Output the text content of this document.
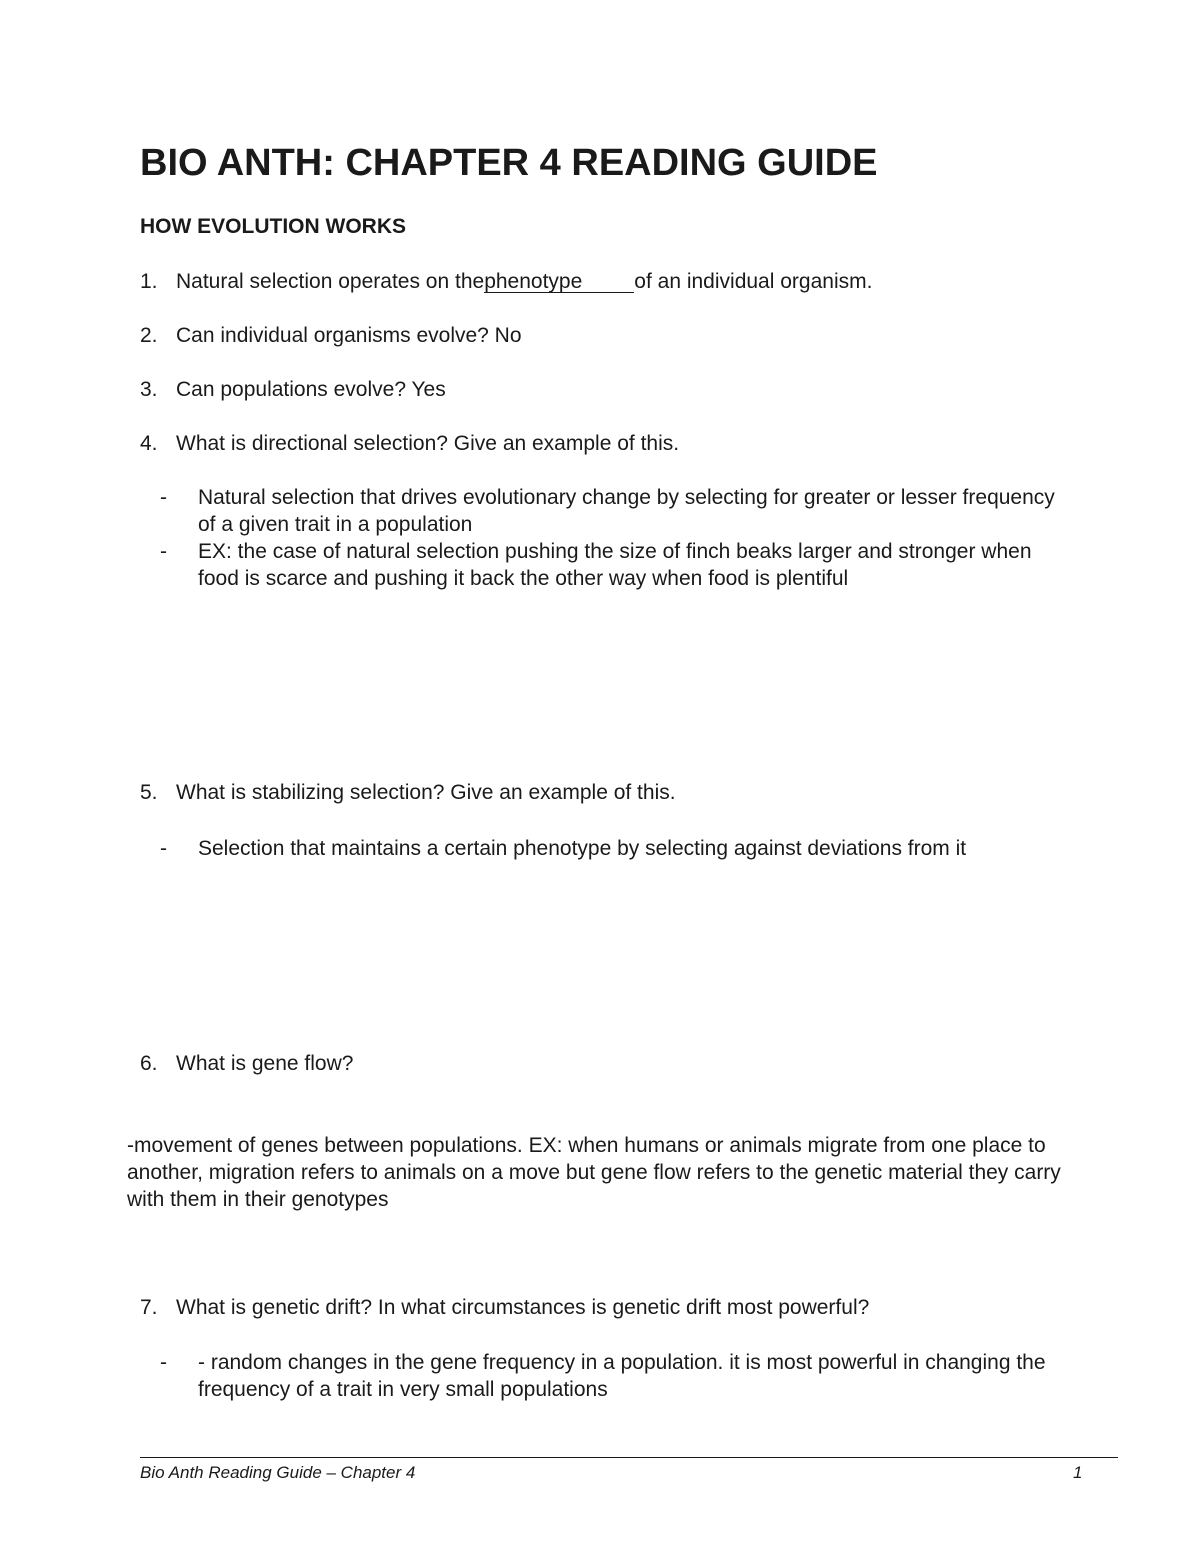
BIO ANTH: CHAPTER 4 READING GUIDE
HOW EVOLUTION WORKS
1. Natural selection operates on thephenotype of an individual organism.
2. Can individual organisms evolve? No
3. Can populations evolve? Yes
4. What is directional selection? Give an example of this.
- Natural selection that drives evolutionary change by selecting for greater or lesser frequency of a given trait in a population
- EX: the case of natural selection pushing the size of finch beaks larger and stronger when food is scarce and pushing it back the other way when food is plentiful
5. What is stabilizing selection? Give an example of this.
- Selection that maintains a certain phenotype by selecting against deviations from it
6. What is gene flow?
-movement of genes between populations. EX: when humans or animals migrate from one place to another, migration refers to animals on a move but gene flow refers to the genetic material they carry with them in their genotypes
7. What is genetic drift? In what circumstances is genetic drift most powerful?
- - random changes in the gene frequency in a population. it is most powerful in changing the frequency of a trait in very small populations
Bio Anth Reading Guide – Chapter 4	1
